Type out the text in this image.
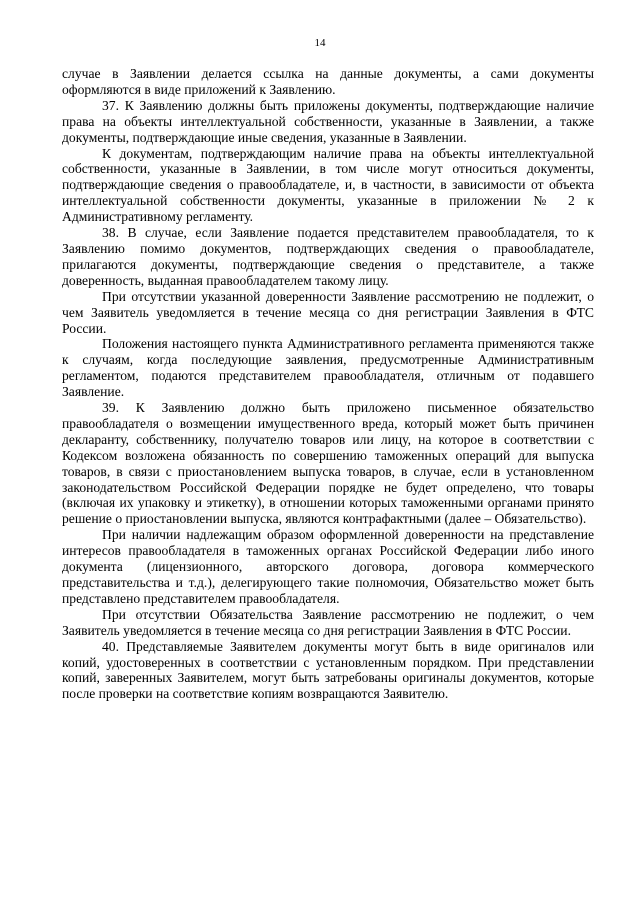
14

случае в Заявлении делается ссылка на данные документы, а сами документы оформляются в виде приложений к Заявлению.

37. К Заявлению должны быть приложены документы, подтверждающие наличие права на объекты интеллектуальной собственности, указанные в Заявлении, а также документы, подтверждающие иные сведения, указанные в Заявлении.

К документам, подтверждающим наличие права на объекты интеллектуальной собственности, указанные в Заявлении, в том числе могут относиться документы, подтверждающие сведения о правообладателе, и, в частности, в зависимости от объекта интеллектуальной собственности документы, указанные в приложении № 2 к Административному регламенту.

38. В случае, если Заявление подается представителем правообладателя, то к Заявлению помимо документов, подтверждающих сведения о правообладателе, прилагаются документы, подтверждающие сведения о представителе, а также доверенность, выданная правообладателем такому лицу.

При отсутствии указанной доверенности Заявление рассмотрению не подлежит, о чем Заявитель уведомляется в течение месяца со дня регистрации Заявления в ФТС России.

Положения настоящего пункта Административного регламента применяются также к случаям, когда последующие заявления, предусмотренные Административным регламентом, подаются представителем правообладателя, отличным от подавшего Заявление.

39. К Заявлению должно быть приложено письменное обязательство правообладателя о возмещении имущественного вреда, который может быть причинен декларанту, собственнику, получателю товаров или лицу, на которое в соответствии с Кодексом возложена обязанность по совершению таможенных операций для выпуска товаров, в связи с приостановлением выпуска товаров, в случае, если в установленном законодательством Российской Федерации порядке не будет определено, что товары (включая их упаковку и этикетку), в отношении которых таможенными органами принято решение о приостановлении выпуска, являются контрафактными (далее – Обязательство).

При наличии надлежащим образом оформленной доверенности на представление интересов правообладателя в таможенных органах Российской Федерации либо иного документа (лицензионного, авторского договора, договора коммерческого представительства и т.д.), делегирующего такие полномочия, Обязательство может быть представлено представителем правообладателя.

При отсутствии Обязательства Заявление рассмотрению не подлежит, о чем Заявитель уведомляется в течение месяца со дня регистрации Заявления в ФТС России.

40. Представляемые Заявителем документы могут быть в виде оригиналов или копий, удостоверенных в соответствии с установленным порядком. При представлении копий, заверенных Заявителем, могут быть затребованы оригиналы документов, которые после проверки на соответствие копиям возвращаются Заявителю.
